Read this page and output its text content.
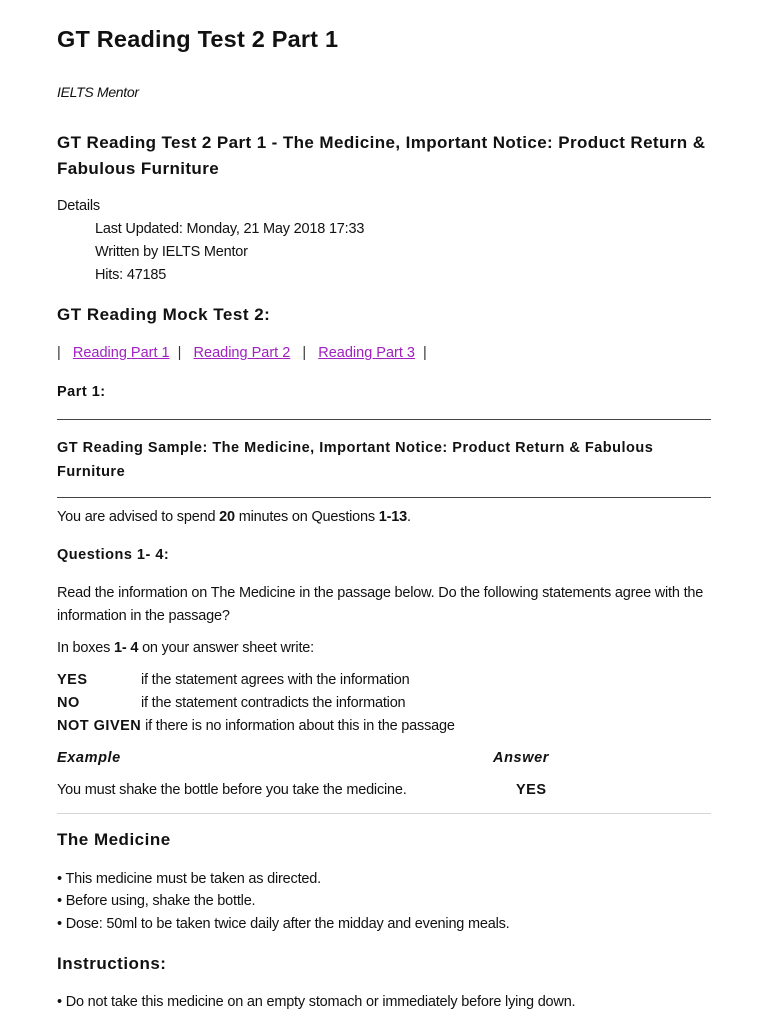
GT Reading Test 2 Part 1

IELTS Mentor

GT Reading Test 2 Part 1 - The Medicine, Important Notice: Product Return & Fabulous Furniture
Details
Last Updated: Monday, 21 May 2018 17:33
Written by IELTS Mentor
Hits: 47185
GT Reading Mock Test 2:
| Reading Part 1 | Reading Part 2 | Reading Part 3 |
Part 1:
GT Reading Sample: The Medicine, Important Notice: Product Return & Fabulous Furniture
You are advised to spend 20 minutes on Questions 1-13.
Questions 1- 4:
Read the information on The Medicine in the passage below. Do the following statements agree with the information in the passage?
In boxes 1- 4 on your answer sheet write:
YES	if the statement agrees with the information
NO	if the statement contradicts the information
NOT GIVEN if there is no information about this in the passage
Example	Answer
You must shake the bottle before you take the medicine.	YES
The Medicine
• This medicine must be taken as directed.
• Before using, shake the bottle.
• Dose: 50ml to be taken twice daily after the midday and evening meals.
Instructions:
• Do not take this medicine on an empty stomach or immediately before lying down.
